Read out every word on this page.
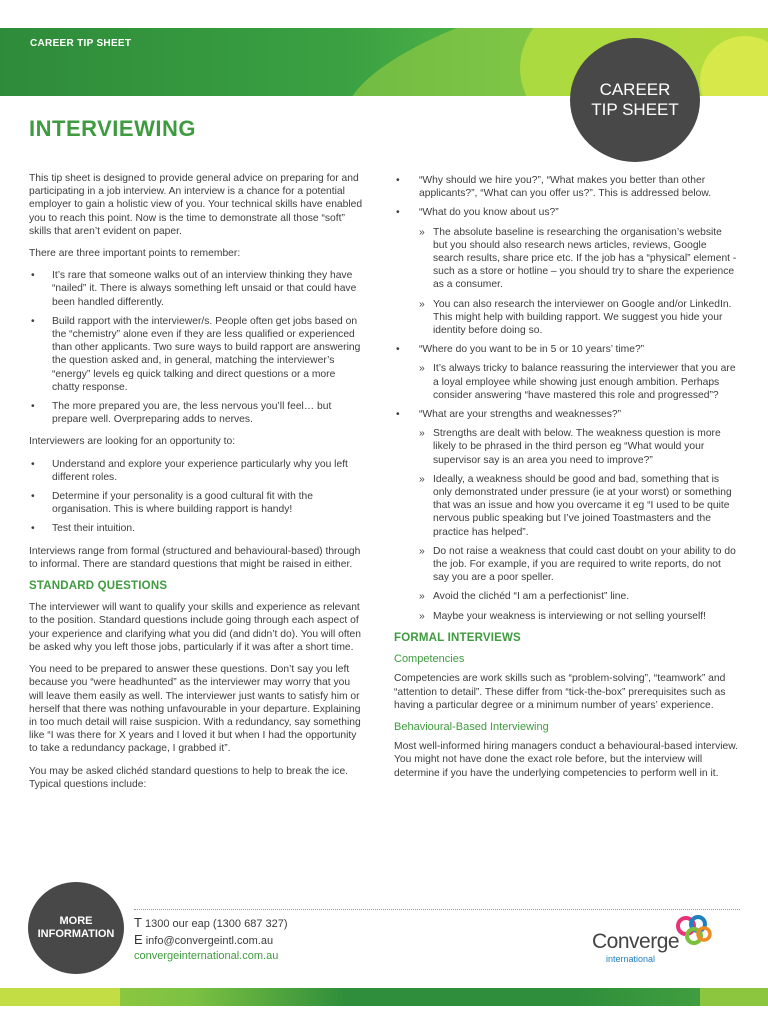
CAREER TIP SHEET
CAREER
TIP SHEET
INTERVIEWING

This tip sheet is designed to provide general advice on preparing for and participating in a job interview. An interview is a chance for a potential employer to gain a holistic view of you. Your technical skills have enabled you to reach this point. Now is the time to demonstrate all those “soft” skills that aren’t evident on paper.

There are three important points to remember:

• It’s rare that someone walks out of an interview thinking they have “nailed” it. There is always something left unsaid or that could have been handled differently.
• Build rapport with the interviewer/s. People often get jobs based on the “chemistry” alone even if they are less qualified or experienced than other applicants. Two sure ways to build rapport are answering the question asked and, in general, matching the interviewer’s “energy” levels eg quick talking and direct questions or a more chatty response.
• The more prepared you are, the less nervous you’ll feel… but prepare well. Overpreparing adds to nerves.

Interviewers are looking for an opportunity to:

• Understand and explore your experience particularly why you left different roles.
• Determine if your personality is a good cultural fit with the organisation. This is where building rapport is handy!
• Test their intuition.

Interviews range from formal (structured and behavioural-based) through to informal. There are standard questions that might be raised in either.

STANDARD QUESTIONS

The interviewer will want to qualify your skills and experience as relevant to the position. Standard questions include going through each aspect of your experience and clarifying what you did (and didn’t do). You will often be asked why you left those jobs, particularly if it was after a short time.

You need to be prepared to answer these questions. Don’t say you left because you “were headhunted” as the interviewer may worry that you will leave them easily as well. The interviewer just wants to satisfy him or herself that there was nothing unfavourable in your departure. Explaining in too much detail will raise suspicion. With a redundancy, say something like “I was there for X years and I loved it but when I had the opportunity to take a redundancy package, I grabbed it”.

You may be asked clichéd standard questions to help to break the ice. Typical questions include:

• “Why should we hire you?”, “What makes you better than other applicants?”, “What can you offer us?”. This is addressed below.
• “What do you know about us?”
» The absolute baseline is researching the organisation’s website but you should also research news articles, reviews, Google search results, share price etc. If the job has a “physical” element - such as a store or hotline – you should try to share the experience as a consumer.
» You can also research the interviewer on Google and/or LinkedIn. This might help with building rapport. We suggest you hide your identity before doing so.
• “Where do you want to be in 5 or 10 years’ time?”
» It’s always tricky to balance reassuring the interviewer that you are a loyal employee while showing just enough ambition. Perhaps consider answering “have mastered this role and progressed”?
• “What are your strengths and weaknesses?”
» Strengths are dealt with below. The weakness question is more likely to be phrased in the third person eg “What would your supervisor say is an area you need to improve?”
» Ideally, a weakness should be good and bad, something that is only demonstrated under pressure (ie at your worst) or something that was an issue and how you overcame it eg “I used to be quite nervous public speaking but I’ve joined Toastmasters and the practice has helped”.
» Do not raise a weakness that could cast doubt on your ability to do the job. For example, if you are required to write reports, do not say you are a poor speller.
» Avoid the clichéd “I am a perfectionist” line.
» Maybe your weakness is interviewing or not selling yourself!
FORMAL INTERVIEWS
Competencies

Competencies are work skills such as “problem-solving”, “teamwork” and “attention to detail”. These differ from “tick-the-box” prerequisites such as having a particular degree or a minimum number of years’ experience.

Behavioural-Based Interviewing

Most well-informed hiring managers conduct a behavioural-based interview. You might not have done the exact role before, but the interview will determine if you have the underlying competencies to perform well in it.

MORE
INFORMATION
T 1300 our eap (1300 687 327)
E info@convergeintl.com.au
convergeinternational.com.au
Converge
international
